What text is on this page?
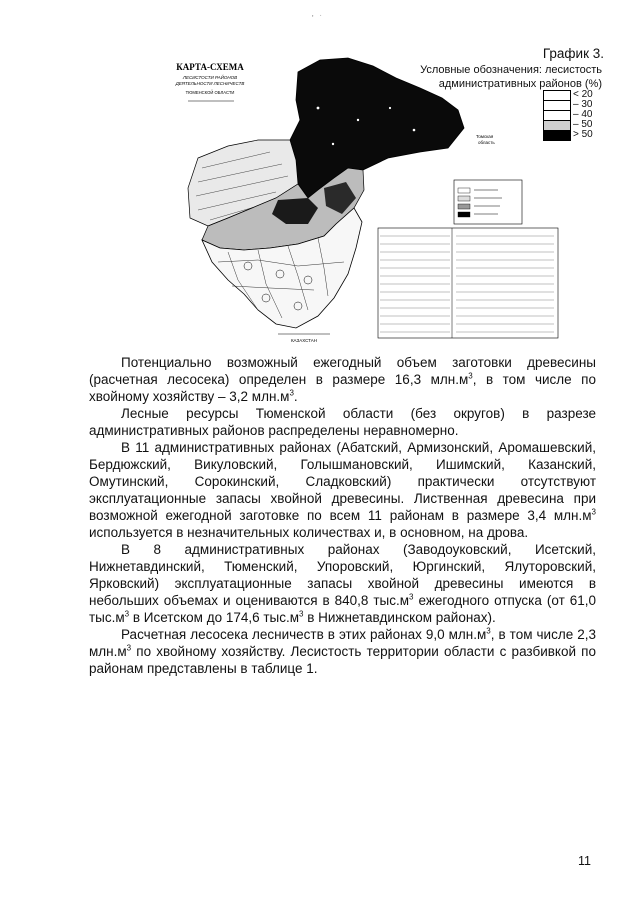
' ˙
КАРТА-СХЕМА
ЛЕСИСТОСТИ РАЙОНОВ
ДЕЯТЕЛЬНОСТИ ЛЕСНИЧЕСТВ
ТЮМЕНСКОЙ ОБЛАСТИ
КАЗАХСТАН
Томская
область
График 3.
Условные обозначения: лесистость
административных районов (%)
< 20
– 30
– 40
– 50
> 50

Потенциально возможный ежегодный объем заготовки древесины (расчетная лесосека) определен в размере 16,3 $млн.м^3$, в том числе по хвойному хозяйству – 3,2 $млн.м^3$.

Лесные ресурсы Тюменской области (без округов) в разрезе административных районов распределены неравномерно.

В 11 административных районах (Абатский, Армизонский, Аромашевский, Бердюжский, Викуловский, Голышмановский, Ишимский, Казанский, Омутинский, Сорокинский, Сладковский) практически отсутствуют эксплуатационные запасы хвойной древесины. Лиственная древесина при возможной ежегодной заготовке по всем 11 районам в размере 3,4 $млн.м^3$ используется в незначительных количествах и, в основном, на дрова.

В 8 административных районах (Заводоуковский, Исетский, Нижнетавдинский, Тюменский, Упоровский, Юргинский, Ялуторовский, Ярковский) эксплуатационные запасы хвойной древесины имеются в небольших объемах и оцениваются в 840,8 $тыс.м^3$ ежегодного отпуска (от 61,0 $тыс.м^3$ в Исетском до 174,6 $тыс.м^3$ в Нижнетавдинском районах).

Расчетная лесосека лесничеств в этих районах 9,0 $млн.м^3$, в том числе 2,3 $млн.м^3$ по хвойному хозяйству. Лесистость территории области с разбивкой по районам представлены в таблице 1.

11
